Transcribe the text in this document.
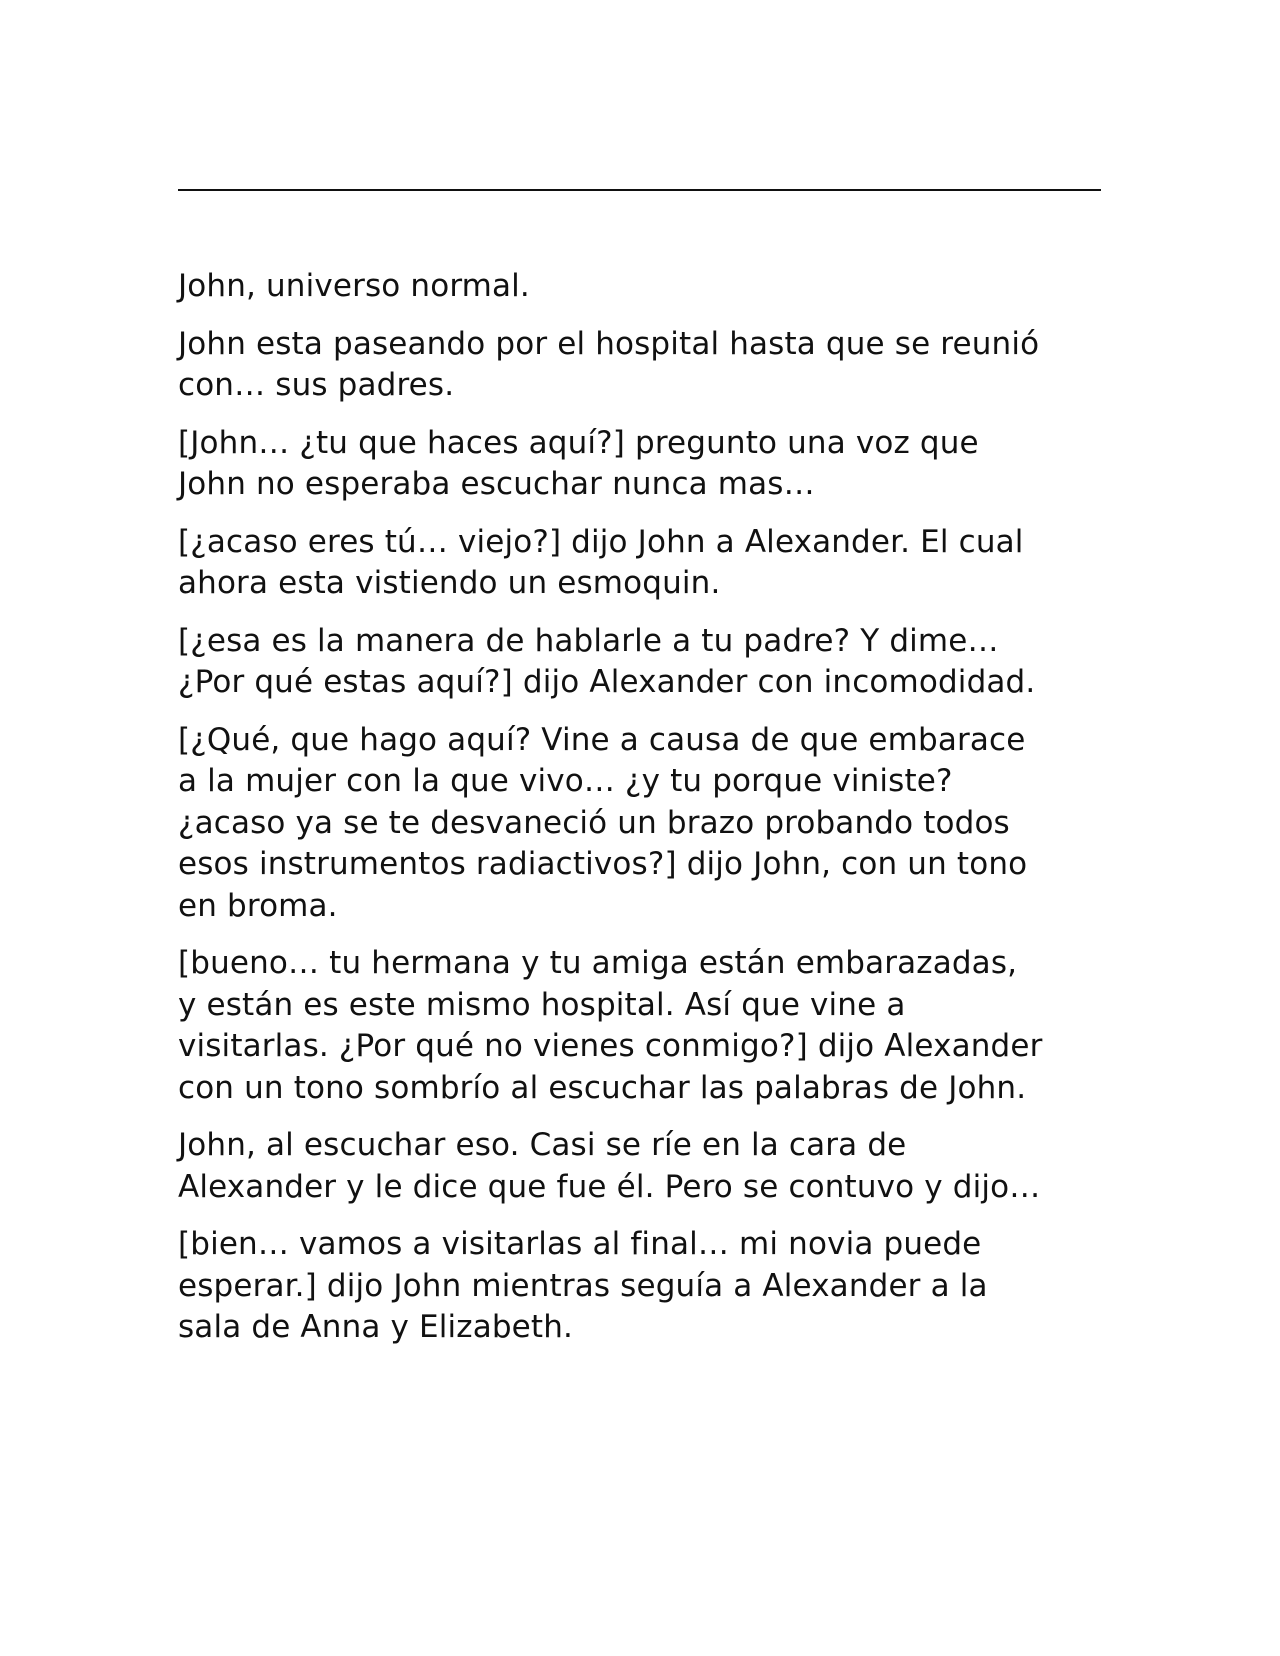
John, universo normal.

John esta paseando por el hospital hasta que se reunió
con… sus padres.

[John… ¿tu que haces aquí?] pregunto una voz que
John no esperaba escuchar nunca mas…

[¿acaso eres tú… viejo?] dijo John a Alexander. El cual
ahora esta vistiendo un esmoquin.

[¿esa es la manera de hablarle a tu padre? Y dime…
¿Por qué estas aquí?] dijo Alexander con incomodidad.

[¿Qué, que hago aquí? Vine a causa de que embarace
a la mujer con la que vivo… ¿y tu porque viniste?
¿acaso ya se te desvaneció un brazo probando todos
esos instrumentos radiactivos?] dijo John, con un tono
en broma.

[bueno… tu hermana y tu amiga están embarazadas,
y están es este mismo hospital. Así que vine a
visitarlas. ¿Por qué no vienes conmigo?] dijo Alexander
con un tono sombrío al escuchar las palabras de John.

John, al escuchar eso. Casi se ríe en la cara de
Alexander y le dice que fue él. Pero se contuvo y dijo…

[bien… vamos a visitarlas al final… mi novia puede
esperar.] dijo John mientras seguía a Alexander a la
sala de Anna y Elizabeth.
